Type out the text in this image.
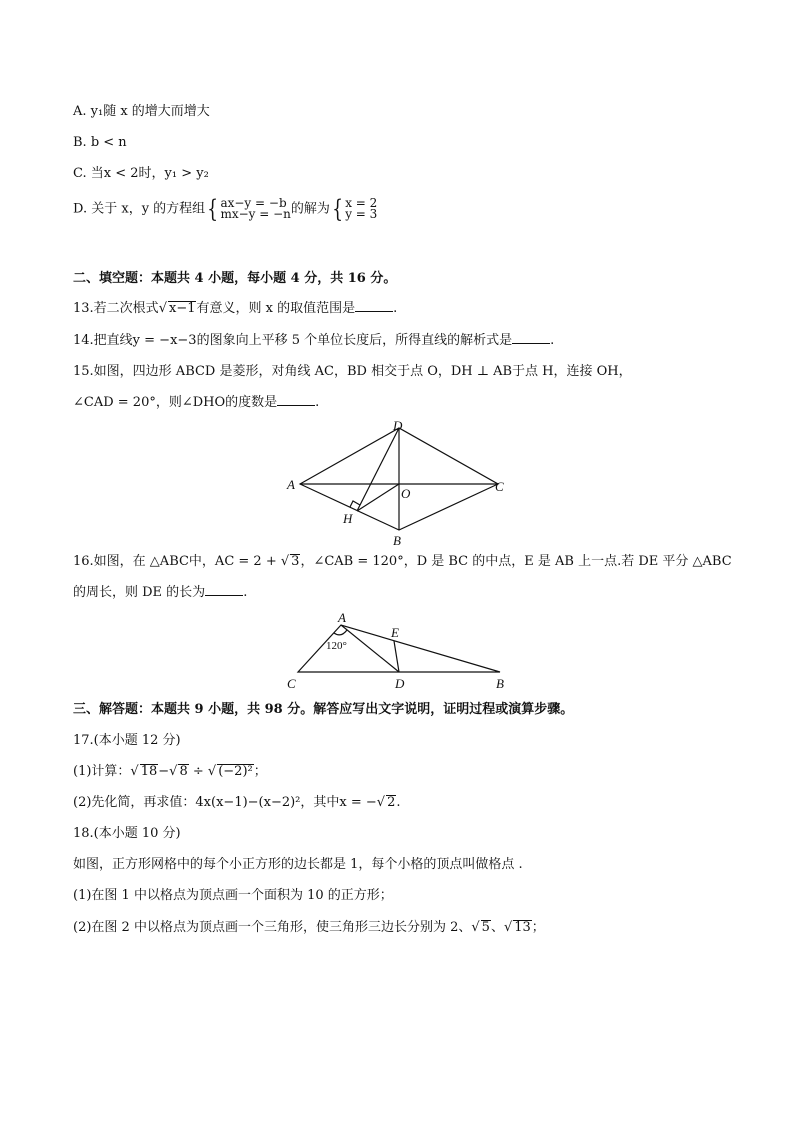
A. y₁随 x 的增大而增大
B. b < n
C. 当x < 2时，y₁ > y₂
D. 关于 x，y 的方程组{ ax−y = −b
mx−y = −n的解为{ x = 2
y = 3
二、填空题：本题共 4 小题，每小题 4 分，共 16 分。
13.若二次根式√ x−1有意义，则 x 的取值范围是	.
14.把直线y = −x−3的图象向上平移 5 个单位长度后，所得直线的解析式是	.
15.如图，四边形 ABCD 是菱形，对角线 AC，BD 相交于点 O，DH ⊥ AB于点 H，连接 OH，
∠CAD = 20°，则∠DHO的度数是	.
A
D
C
B
O
H
16.如图，在 △ABC中，AC = 2 + √ 3，∠CAB = 120°，D 是 BC 的中点，E 是 AB 上一点.若 DE 平分 △ABC
的周长，则 DE 的长为	.
A
E
C	D	B
120°
三、解答题：本题共 9 小题，共 98 分。解答应写出文字说明，证明过程或演算步骤。
17.(本小题 12 分)
(1)计算：√ 18−√ 8 ÷ √ (−2)²；
(2)先化简，再求值：4x(x−1)−(x−2)²，其中x = −√ 2.
18.(本小题 10 分)
如图，正方形网格中的每个小正方形的边长都是 1，每个小格的顶点叫做格点 .
(1)在图 1 中以格点为顶点画一个面积为 10 的正方形；
(2)在图 2 中以格点为顶点画一个三角形，使三角形三边长分别为 2、√ 5、√ 13；
